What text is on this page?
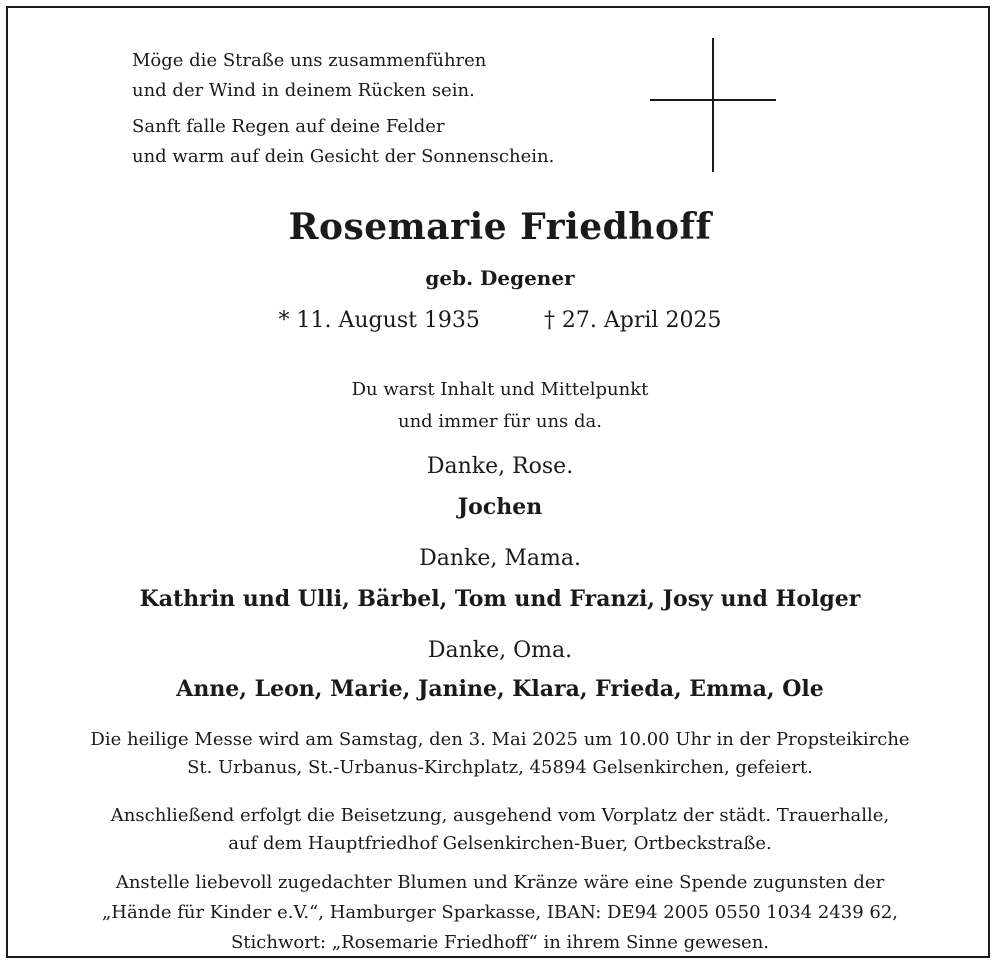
Möge die Straße uns zusammenführen
und der Wind in deinem Rücken sein.
Sanft falle Regen auf deine Felder
und warm auf dein Gesicht der Sonnenschein.
Rosemarie Friedhoff
geb. Degener
* 11. August 1935	† 27. April 2025
Du warst Inhalt und Mittelpunkt
und immer für uns da.
Danke, Rose.
Jochen
Danke, Mama.
Kathrin und Ulli, Bärbel, Tom und Franzi, Josy und Holger
Danke, Oma.
Anne, Leon, Marie, Janine, Klara, Frieda, Emma, Ole
Die heilige Messe wird am Samstag, den 3. Mai 2025 um 10.00 Uhr in der Propsteikirche
St. Urbanus, St.-Urbanus-Kirchplatz, 45894 Gelsenkirchen, gefeiert.
Anschließend erfolgt die Beisetzung, ausgehend vom Vorplatz der städt. Trauerhalle,
auf dem Hauptfriedhof Gelsenkirchen-Buer, Ortbeckstraße.
Anstelle liebevoll zugedachter Blumen und Kränze wäre eine Spende zugunsten der
„Hände für Kinder e.V.“, Hamburger Sparkasse, IBAN: DE94 2005 0550 1034 2439 62,
Stichwort: „Rosemarie Friedhoff“ in ihrem Sinne gewesen.
